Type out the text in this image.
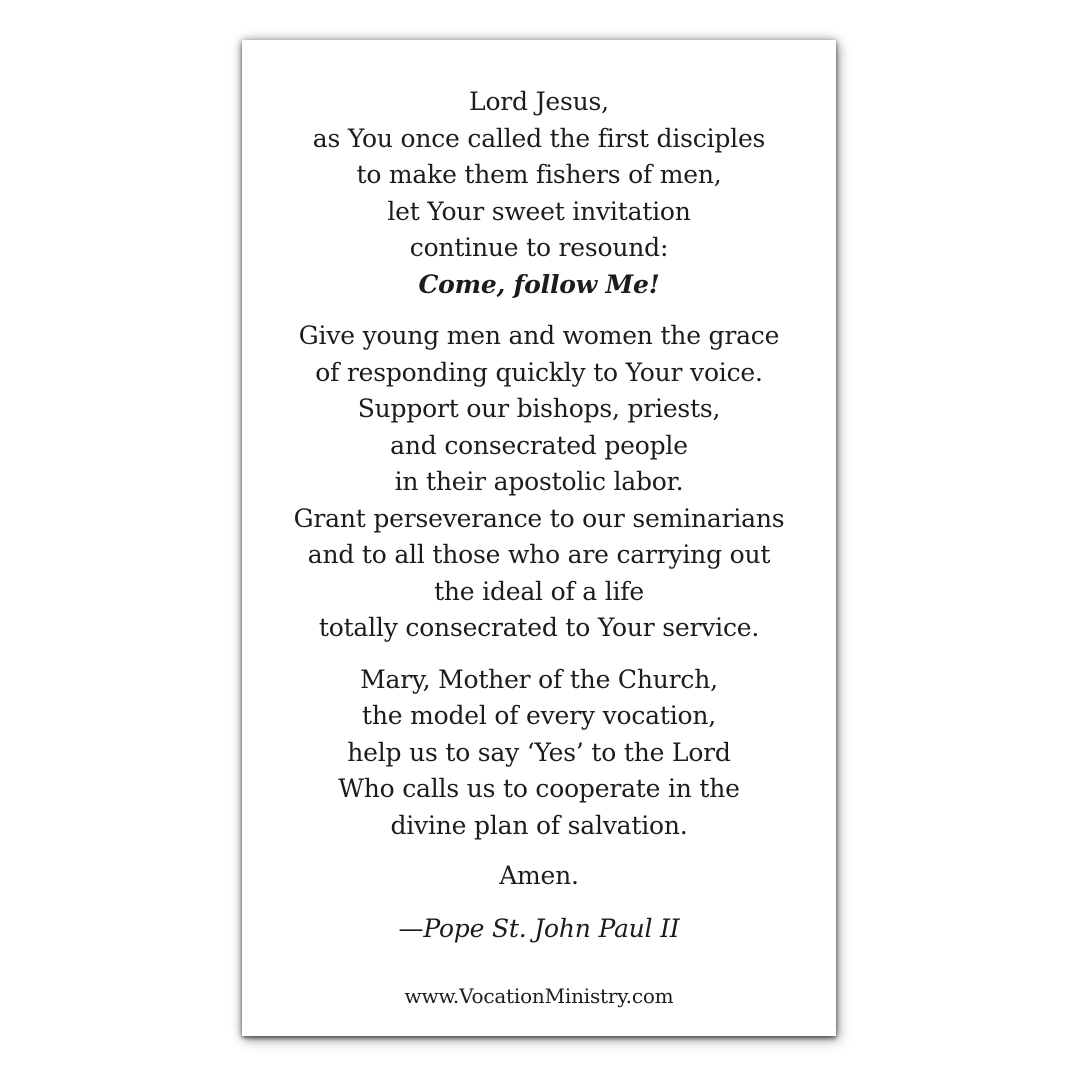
Lord Jesus,
as You once called the first disciples
to make them fishers of men,
let Your sweet invitation
continue to resound:
Come, follow Me!

Give young men and women the grace
of responding quickly to Your voice.
Support our bishops, priests,
and consecrated people
in their apostolic labor.
Grant perseverance to our seminarians
and to all those who are carrying out
the ideal of a life
totally consecrated to Your service.

Mary, Mother of the Church,
the model of every vocation,
help us to say ‘Yes’ to the Lord
Who calls us to cooperate in the
divine plan of salvation.

Amen.
—Pope St. John Paul II
www.VocationMinistry.com
